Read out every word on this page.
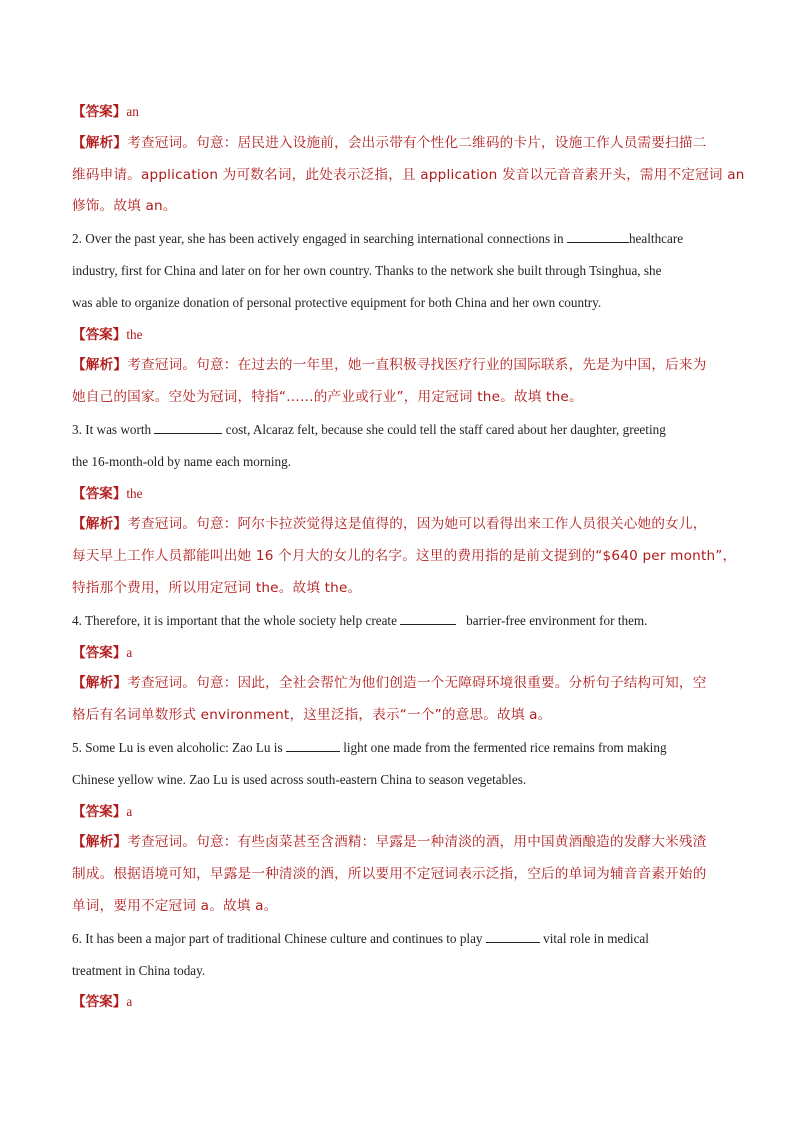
【答案】an
【解析】考查冠词。句意：居民进入设施前，会出示带有个性化二维码的卡片，设施工作人员需要扫描二
维码申请。application 为可数名词，此处表示泛指，且 application 发音以元音音素开头，需用不定冠词 an
修饰。故填 an。
2. Over the past year, she has been actively engaged in searching international connections in	healthcare
industry, first for China and later on for her own country. Thanks to the network she built through Tsinghua, she
was able to organize donation of personal protective equipment for both China and her own country.
【答案】the
【解析】考查冠词。句意：在过去的一年里，她一直积极寻找医疗行业的国际联系，先是为中国，后来为
她自己的国家。空处为冠词，特指“……的产业或行业”，用定冠词 the。故填 the。
3. It was worth	cost, Alcaraz felt, because she could tell the staff cared about her daughter, greeting
the 16-month-old by name each morning.
【答案】the
【解析】考查冠词。句意：阿尔卡拉茨觉得这是值得的，因为她可以看得出来工作人员很关心她的女儿，
每天早上工作人员都能叫出她 16 个月大的女儿的名字。这里的费用指的是前文提到的“$640 per month”，
特指那个费用，所以用定冠词 the。故填 the。
4. Therefore, it is important that the whole society help create	barrier-free environment for them.
【答案】a
【解析】考查冠词。句意：因此，全社会帮忙为他们创造一个无障碍环境很重要。分析句子结构可知，空
格后有名词单数形式 environment，这里泛指，表示“一个”的意思。故填 a。
5. Some Lu is even alcoholic: Zao Lu is	light one made from the fermented rice remains from making
Chinese yellow wine. Zao Lu is used across south-eastern China to season vegetables.
【答案】a
【解析】考查冠词。句意：有些卤菜甚至含酒精：早露是一种清淡的酒，用中国黄酒酿造的发酵大米残渣
制成。根据语境可知，早露是一种清淡的酒，所以要用不定冠词表示泛指，空后的单词为辅音音素开始的
单词，要用不定冠词 a。故填 a。
6. It has been a major part of traditional Chinese culture and continues to play	vital role in medical
treatment in China today.
【答案】a
